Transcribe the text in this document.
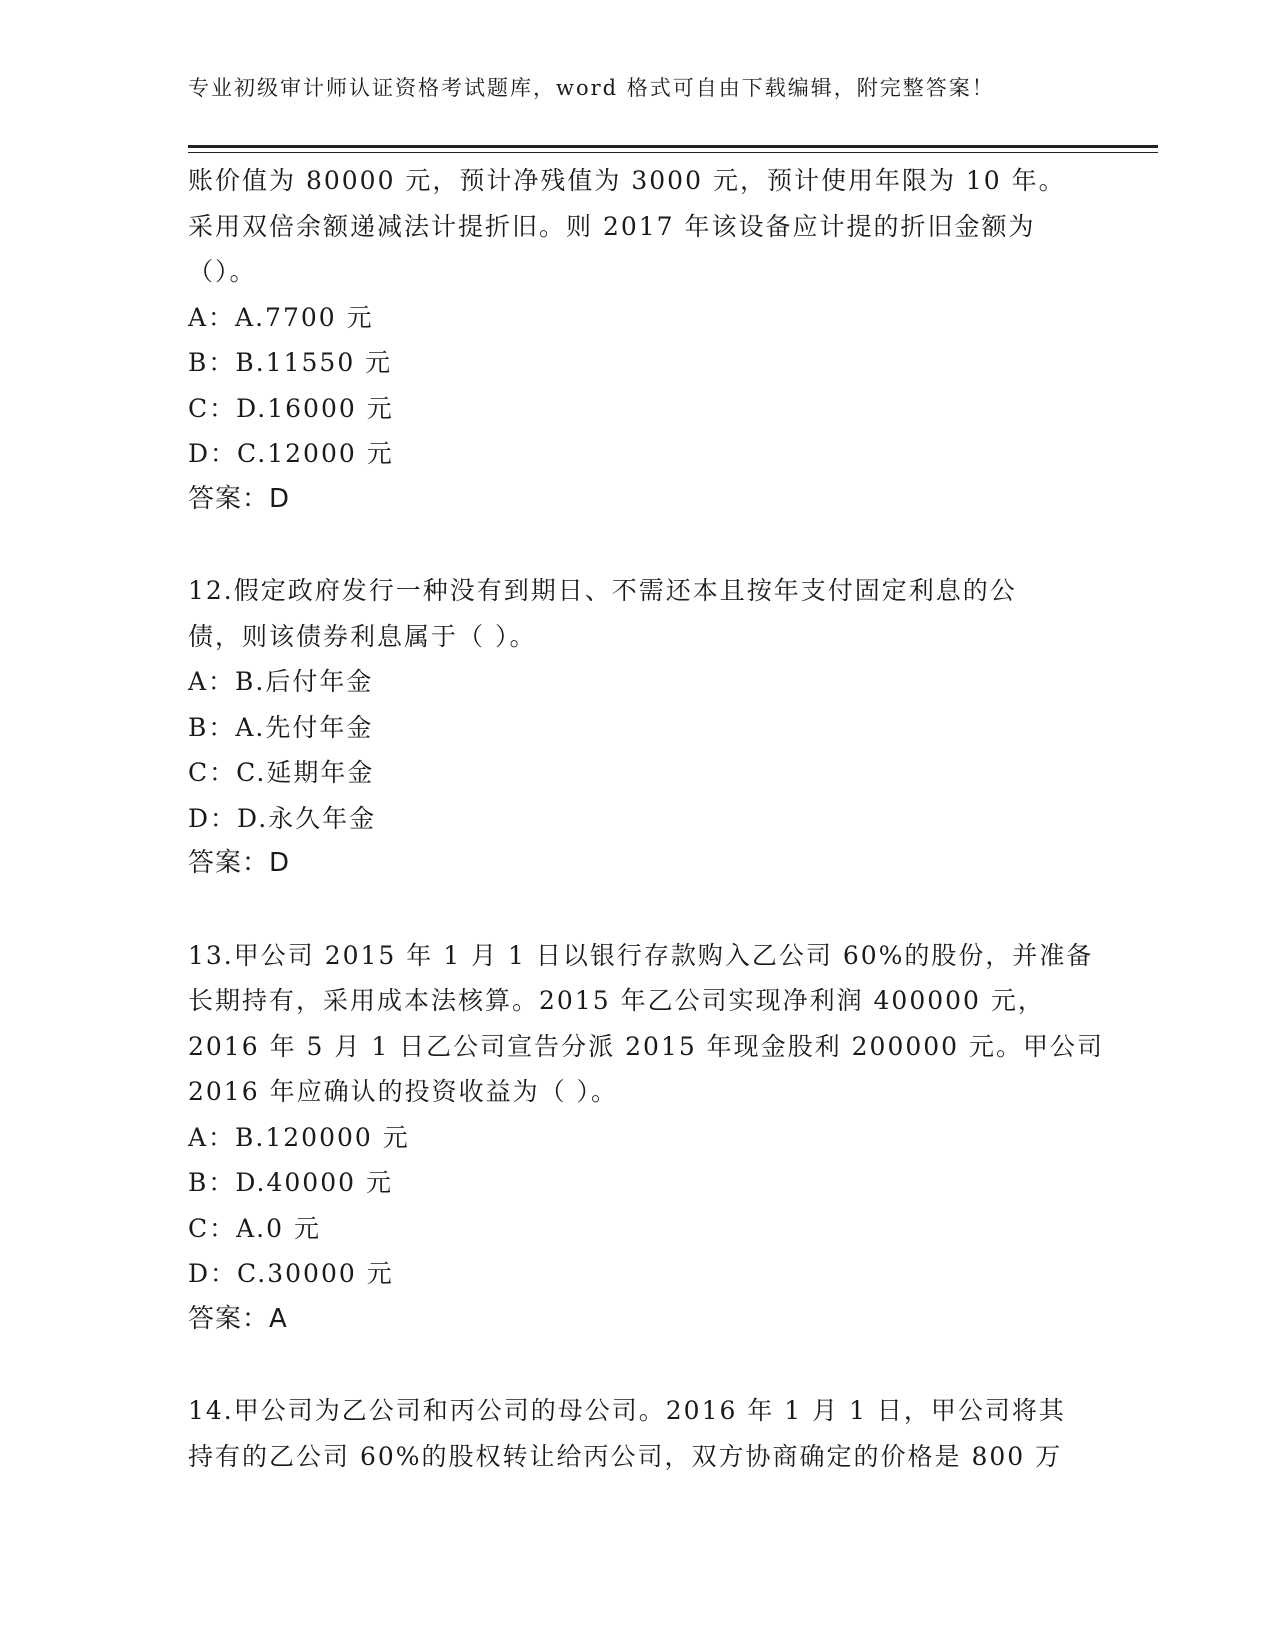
专业初级审计师认证资格考试题库，word 格式可自由下载编辑，附完整答案！
账价值为 80000 元，预计净残值为 3000 元，预计使用年限为 10 年。
采用双倍余额递减法计提折旧。则 2017 年该设备应计提的折旧金额为
（）。
A：A.7700 元
B：B.11550 元
C：D.16000 元
D：C.12000 元
答案：D
12.假定政府发行一种没有到期日、不需还本且按年支付固定利息的公
债，则该债券利息属于（ ）。
A：B.后付年金
B：A.先付年金
C：C.延期年金
D：D.永久年金
答案：D
13.甲公司 2015 年 1 月 1 日以银行存款购入乙公司 60%的股份，并准备
长期持有，采用成本法核算。2015 年乙公司实现净利润 400000 元，
2016 年 5 月 1 日乙公司宣告分派 2015 年现金股利 200000 元。甲公司
2016 年应确认的投资收益为（ ）。
A：B.120000 元
B：D.40000 元
C：A.0 元
D：C.30000 元
答案：A
14.甲公司为乙公司和丙公司的母公司。2016 年 1 月 1 日，甲公司将其
持有的乙公司 60%的股权转让给丙公司，双方协商确定的价格是 800 万
